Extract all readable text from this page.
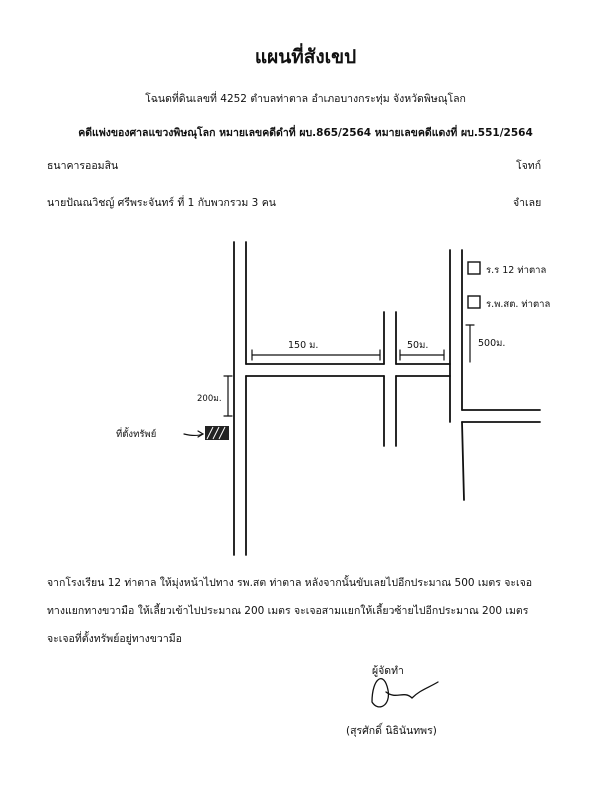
แผนที่สังเขป
โฉนดที่ดินเลขที่ 4252 ตำบลท่าตาล อำเภอบางกระทุ่ม จังหวัดพิษณุโลก
คดีแพ่งของศาลแขวงพิษณุโลก หมายเลขคดีดำที่ ผบ.865/2564 หมายเลขคดีแดงที่ ผบ.551/2564
ธนาคารออมสิน	โจทก์
นายปัณณวิชญ์ ศรีพระจันทร์ ที่ 1 กับพวกรวม 3 คน	จำเลย
ร.ร 12 ท่าตาล
ร.พ.สต. ท่าตาล
500ม.
150 ม.	50ม.
200ม.
ที่ตั้งทรัพย์
จากโรงเรียน 12 ท่าตาล ให้มุ่งหน้าไปทาง รพ.สต ท่าตาล หลังจากนั้นขับเลยไปอีกประมาณ 500 เมตร จะเจอ
ทางแยกทางขวามือ ให้เลี้ยวเข้าไปประมาณ 200 เมตร จะเจอสามแยกให้เลี้ยวซ้ายไปอีกประมาณ 200 เมตร
จะเจอที่ตั้งทรัพย์อยู่ทางขวามือ
ผู้จัดทำ
(สุรศักดิ์ นิธินันทพร)
